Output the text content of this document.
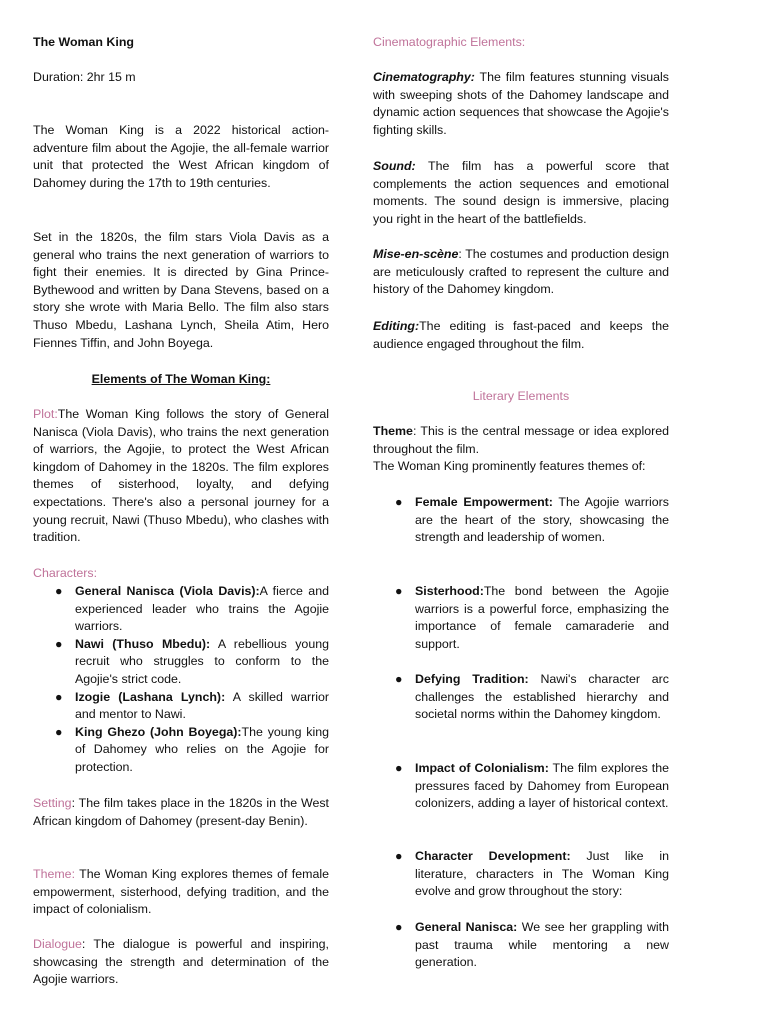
The Woman King

Duration: 2hr 15 m

The Woman King is a 2022 historical action-adventure film about the Agojie, the all-female warrior unit that protected the West African kingdom of Dahomey during the 17th to 19th centuries.

Set in the 1820s, the film stars Viola Davis as a general who trains the next generation of warriors to fight their enemies. It is directed by Gina Prince-Bythewood and written by Dana Stevens, based on a story she wrote with Maria Bello. The film also stars Thuso Mbedu, Lashana Lynch, Sheila Atim, Hero Fiennes Tiffin, and John Boyega.

Elements of The Woman King:

Plot:The Woman King follows the story of General Nanisca (Viola Davis), who trains the next generation of warriors, the Agojie, to protect the West African kingdom of Dahomey in the 1820s. The film explores themes of sisterhood, loyalty, and defying expectations. There's also a personal journey for a young recruit, Nawi (Thuso Mbedu), who clashes with tradition.

Characters:

● General Nanisca (Viola Davis):A fierce and experienced leader who trains the Agojie warriors.
● Nawi (Thuso Mbedu): A rebellious young recruit who struggles to conform to the Agojie's strict code.
● Izogie (Lashana Lynch): A skilled warrior and mentor to Nawi.
● King Ghezo (John Boyega):The young king of Dahomey who relies on the Agojie for protection.

Setting: The film takes place in the 1820s in the West African kingdom of Dahomey (present-day Benin).

Theme: The Woman King explores themes of female empowerment, sisterhood, defying tradition, and the impact of colonialism.

Dialogue: The dialogue is powerful and inspiring, showcasing the strength and determination of the Agojie warriors.

Cinematographic Elements:

Cinematography: The film features stunning visuals with sweeping shots of the Dahomey landscape and dynamic action sequences that showcase the Agojie's fighting skills.

Sound: The film has a powerful score that complements the action sequences and emotional moments. The sound design is immersive, placing you right in the heart of the battlefields.

Mise-en-scène: The costumes and production design are meticulously crafted to represent the culture and history of the Dahomey kingdom.

Editing:The editing is fast-paced and keeps the audience engaged throughout the film.

Literary Elements

Theme: This is the central message or idea explored throughout the film.

The Woman King prominently features themes of:

● Female Empowerment: The Agojie warriors are the heart of the story, showcasing the strength and leadership of women.
● Sisterhood:The bond between the Agojie warriors is a powerful force, emphasizing the importance of female camaraderie and support.
● Defying Tradition: Nawi's character arc challenges the established hierarchy and societal norms within the Dahomey kingdom.
● Impact of Colonialism: The film explores the pressures faced by Dahomey from European colonizers, adding a layer of historical context.
● Character Development: Just like in literature, characters in The Woman King evolve and grow throughout the story:
● General Nanisca: We see her grappling with past trauma while mentoring a new generation.
